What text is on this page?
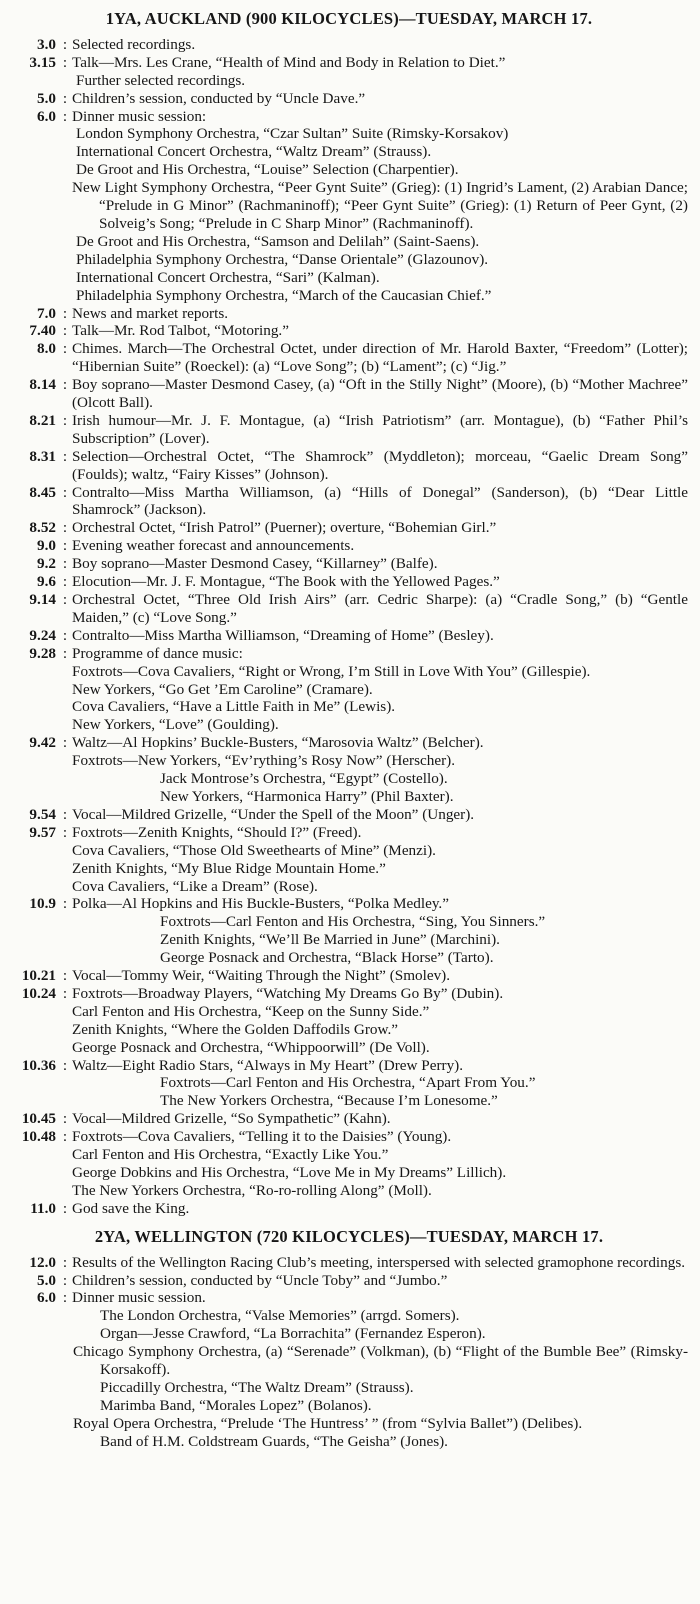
1YA, AUCKLAND (900 KILOCYCLES)—TUESDAY, MARCH 17.
3.0 : Selected recordings.
3.15 : Talk—Mrs. Les Crane, “Health of Mind and Body in Relation to Diet.”
Further selected recordings.
5.0 : Children’s session, conducted by “Uncle Dave.”
6.0 : Dinner music session:
London Symphony Orchestra, “Czar Sultan” Suite (Rimsky-Korsakov)
International Concert Orchestra, “Waltz Dream” (Strauss).
De Groot and His Orchestra, “Louise” Selection (Charpentier).
New Light Symphony Orchestra, “Peer Gynt Suite” (Grieg): (1) Ingrid’s Lament, (2) Arabian Dance; “Prelude in G Minor” (Rachmaninoff); “Peer Gynt Suite” (Grieg): (1) Return of Peer Gynt, (2) Solveig’s Song; “Prelude in C Sharp Minor” (Rachmaninoff).
De Groot and His Orchestra, “Samson and Delilah” (Saint-Saens).
Philadelphia Symphony Orchestra, “Danse Orientale” (Glazounov).
International Concert Orchestra, “Sari” (Kalman).
Philadelphia Symphony Orchestra, “March of the Caucasian Chief.”
7.0 : News and market reports.
7.40 : Talk—Mr. Rod Talbot, “Motoring.”
8.0 : Chimes. March—The Orchestral Octet, under direction of Mr. Harold Baxter, “Freedom” (Lotter); “Hibernian Suite” (Roeckel): (a) “Love Song”; (b) “Lament”; (c) “Jig.”
8.14 : Boy soprano—Master Desmond Casey, (a) “Oft in the Stilly Night” (Moore), (b) “Mother Machree” (Olcott Ball).
8.21 : Irish humour—Mr. J. F. Montague, (a) “Irish Patriotism” (arr. Montague), (b) “Father Phil’s Subscription” (Lover).
8.31 : Selection—Orchestral Octet, “The Shamrock” (Myddleton); morceau, “Gaelic Dream Song” (Foulds); waltz, “Fairy Kisses” (Johnson).
8.45 : Contralto—Miss Martha Williamson, (a) “Hills of Donegal” (Sanderson), (b) “Dear Little Shamrock” (Jackson).
8.52 : Orchestral Octet, “Irish Patrol” (Puerner); overture, “Bohemian Girl.”
9.0 : Evening weather forecast and announcements.
9.2 : Boy soprano—Master Desmond Casey, “Killarney” (Balfe).
9.6 : Elocution—Mr. J. F. Montague, “The Book with the Yellowed Pages.”
9.14 : Orchestral Octet, “Three Old Irish Airs” (arr. Cedric Sharpe): (a) “Cradle Song,” (b) “Gentle Maiden,” (c) “Love Song.”
9.24 : Contralto—Miss Martha Williamson, “Dreaming of Home” (Besley).
9.28 : Programme of dance music:
Foxtrots—Cova Cavaliers, “Right or Wrong, I’m Still in Love With You” (Gillespie).
New Yorkers, “Go Get ’Em Caroline” (Cramare).
Cova Cavaliers, “Have a Little Faith in Me” (Lewis).
New Yorkers, “Love” (Goulding).
9.42 : Waltz—Al Hopkins’ Buckle-Busters, “Marosovia Waltz” (Belcher).
Foxtrots—New Yorkers, “Ev’rything’s Rosy Now” (Herscher).
Jack Montrose’s Orchestra, “Egypt” (Costello).
New Yorkers, “Harmonica Harry” (Phil Baxter).
9.54 : Vocal—Mildred Grizelle, “Under the Spell of the Moon” (Unger).
9.57 : Foxtrots—Zenith Knights, “Should I?” (Freed).
Cova Cavaliers, “Those Old Sweethearts of Mine” (Menzi).
Zenith Knights, “My Blue Ridge Mountain Home.”
Cova Cavaliers, “Like a Dream” (Rose).
10.9 : Polka—Al Hopkins and His Buckle-Busters, “Polka Medley.”
Foxtrots—Carl Fenton and His Orchestra, “Sing, You Sinners.”
Zenith Knights, “We’ll Be Married in June” (Marchini).
George Posnack and Orchestra, “Black Horse” (Tarto).
10.21 : Vocal—Tommy Weir, “Waiting Through the Night” (Smolev).
10.24 : Foxtrots—Broadway Players, “Watching My Dreams Go By” (Dubin).
Carl Fenton and His Orchestra, “Keep on the Sunny Side.”
Zenith Knights, “Where the Golden Daffodils Grow.”
George Posnack and Orchestra, “Whippoorwill” (De Voll).
10.36 : Waltz—Eight Radio Stars, “Always in My Heart” (Drew Perry).
Foxtrots—Carl Fenton and His Orchestra, “Apart From You.”
The New Yorkers Orchestra, “Because I’m Lonesome.”
10.45 : Vocal—Mildred Grizelle, “So Sympathetic” (Kahn).
10.48 : Foxtrots—Cova Cavaliers, “Telling it to the Daisies” (Young).
Carl Fenton and His Orchestra, “Exactly Like You.”
George Dobkins and His Orchestra, “Love Me in My Dreams” Lillich).
The New Yorkers Orchestra, “Ro-ro-rolling Along” (Moll).
11.0 : God save the King.
2YA, WELLINGTON (720 KILOCYCLES)—TUESDAY, MARCH 17.
12.0 : Results of the Wellington Racing Club’s meeting, interspersed with selected gramophone recordings.
5.0 : Children’s session, conducted by “Uncle Toby” and “Jumbo.”
6.0 : Dinner music session.
The London Orchestra, “Valse Memories” (arrgd. Somers).
Organ—Jesse Crawford, “La Borrachita” (Fernandez Esperon).
Chicago Symphony Orchestra, (a) “Serenade” (Volkman), (b) “Flight of the Bumble Bee” (Rimsky-Korsakoff).
Piccadilly Orchestra, “The Waltz Dream” (Strauss).
Marimba Band, “Morales Lopez” (Bolanos).
Royal Opera Orchestra, “Prelude ‘The Huntress’ ” (from “Sylvia Ballet”) (Delibes).
Band of H.M. Coldstream Guards, “The Geisha” (Jones).
